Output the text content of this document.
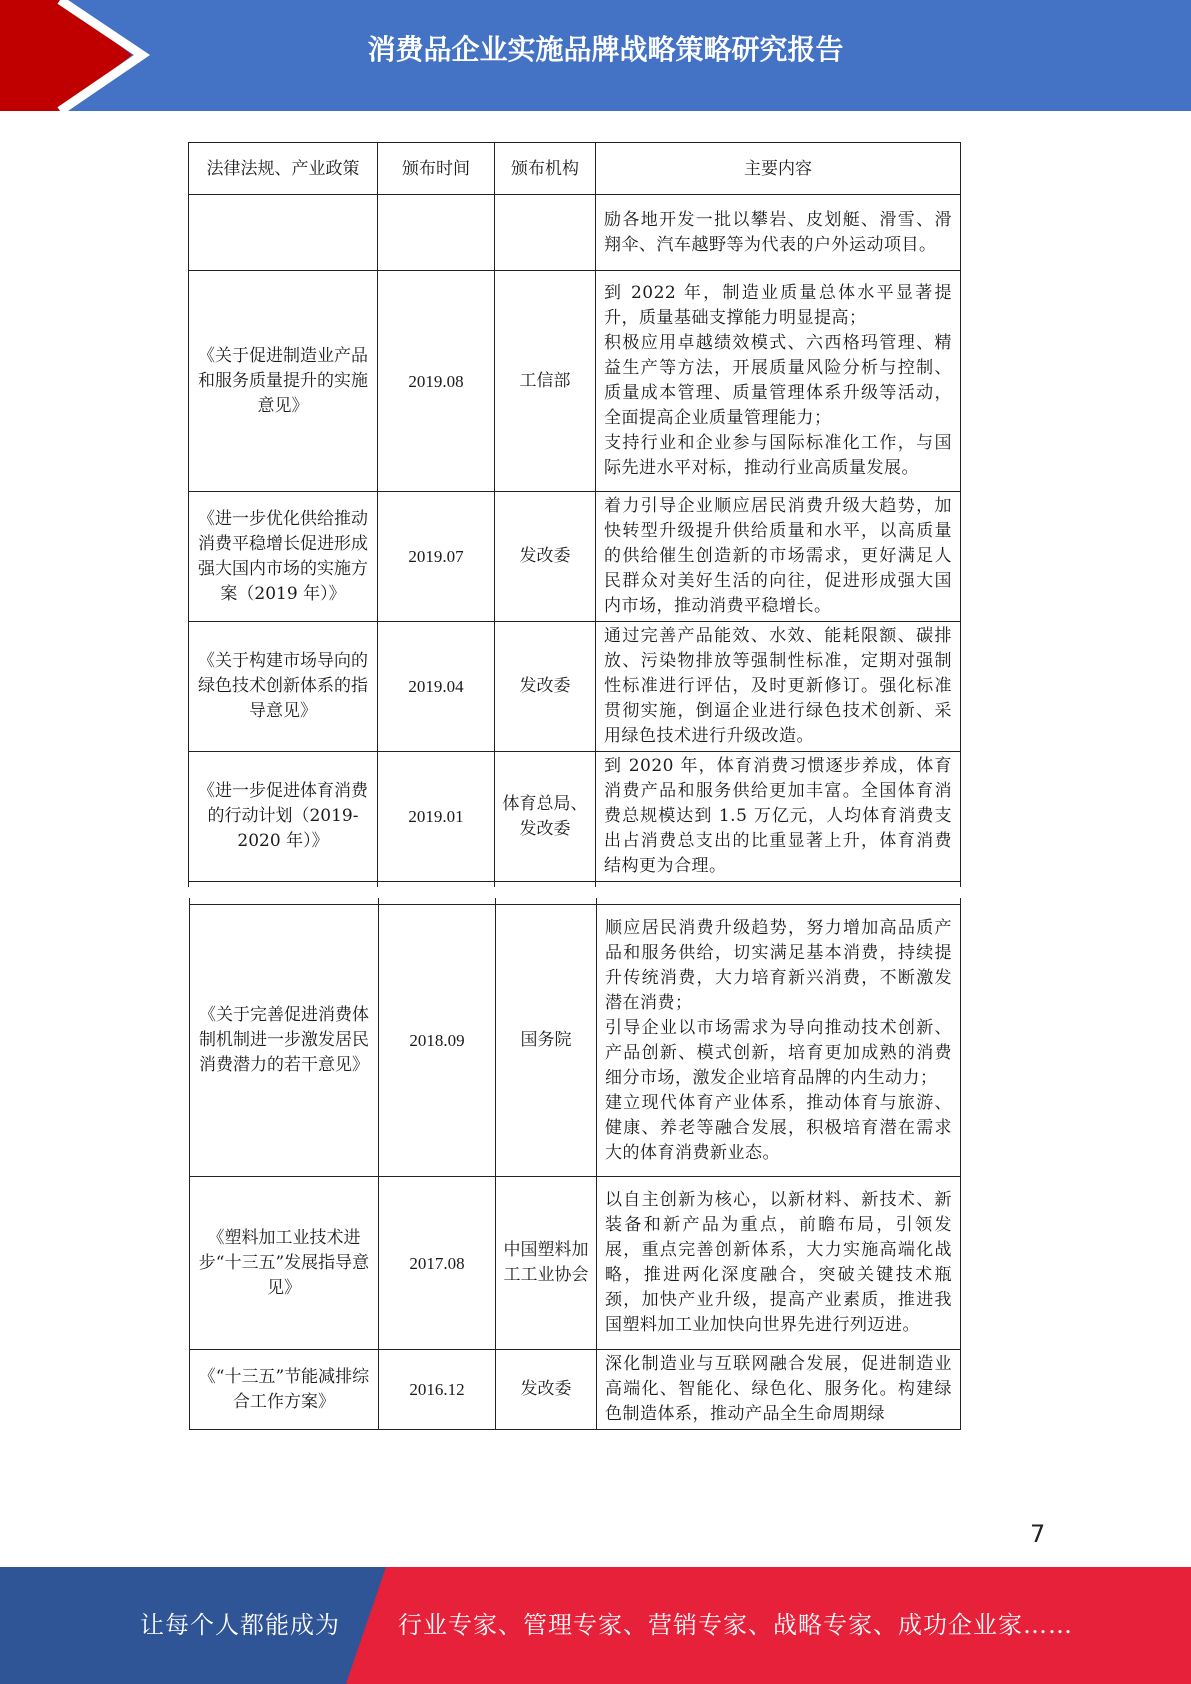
消费品企业实施品牌战略策略研究报告
法律法规、产业政策	颁布时间	颁布机构	主要内容

			励各地开发一批以攀岩、皮划艇、滑雪、滑翔伞、汽车越野等为代表的户外运动项目。

《关于促进制造业产品和服务质量提升的实施意见》	2019.08	工信部	到 2022 年，制造业质量总体水平显著提升，质量基础支撑能力明显提高；
积极应用卓越绩效模式、六西格玛管理、精益生产等方法，开展质量风险分析与控制、质量成本管理、质量管理体系升级等活动，全面提高企业质量管理能力；
支持行业和企业参与国际标准化工作，与国际先进水平对标，推动行业高质量发展。

《进一步优化供给推动消费平稳增长促进形成强大国内市场的实施方案（2019 年）》	2019.07	发改委	着力引导企业顺应居民消费升级大趋势，加快转型升级提升供给质量和水平，以高质量的供给催生创造新的市场需求，更好满足人民群众对美好生活的向往，促进形成强大国内市场，推动消费平稳增长。

《关于构建市场导向的绿色技术创新体系的指导意见》	2019.04	发改委	通过完善产品能效、水效、能耗限额、碳排放、污染物排放等强制性标准，定期对强制性标准进行评估，及时更新修订。强化标准贯彻实施，倒逼企业进行绿色技术创新、采用绿色技术进行升级改造。

《进一步促进体育消费的行动计划（2019-2020 年）》	2019.01	体育总局、发改委	到 2020 年，体育消费习惯逐步养成，体育消费产品和服务供给更加丰富。全国体育消费总规模达到 1.5 万亿元，人均体育消费支出占消费总支出的比重显著上升，体育消费结构更为合理。

《关于完善促进消费体制机制进一步激发居民消费潜力的若干意见》	2018.09	国务院	顺应居民消费升级趋势，努力增加高品质产品和服务供给，切实满足基本消费，持续提升传统消费，大力培育新兴消费，不断激发潜在消费；
引导企业以市场需求为导向推动技术创新、产品创新、模式创新，培育更加成熟的消费细分市场，激发企业培育品牌的内生动力；
建立现代体育产业体系，推动体育与旅游、健康、养老等融合发展，积极培育潜在需求大的体育消费新业态。

《塑料加工业技术进步“十三五”发展指导意见》	2017.08	中国塑料加工工业协会	以自主创新为核心，以新材料、新技术、新装备和新产品为重点，前瞻布局，引领发展，重点完善创新体系，大力实施高端化战略，推进两化深度融合，突破关键技术瓶颈，加快产业升级，提高产业素质，推进我国塑料加工业加快向世界先进行列迈进。

《“十三五”节能减排综合工作方案》	2016.12	发改委	深化制造业与互联网融合发展，促进制造业高端化、智能化、绿色化、服务化。构建绿色制造体系，推动产品全生命周期绿
7
让每个人都能成为 行业专家、管理专家、营销专家、战略专家、成功企业家……
